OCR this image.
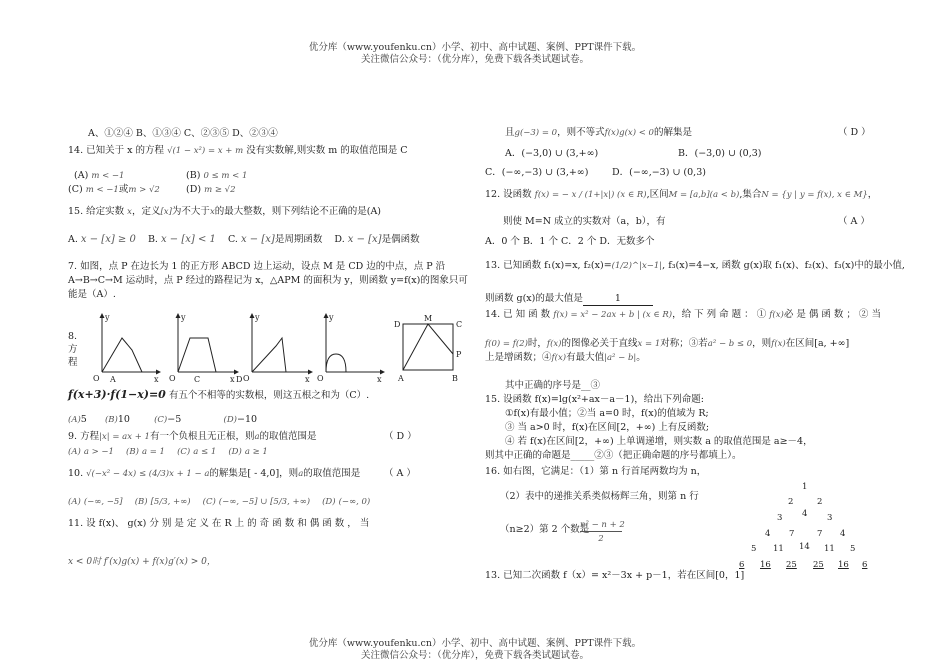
优分库（www.youfenku.cn）小学、初中、高中试题、案例、PPT课件下载。
关注微信公众号：（优分库），免费下载各类试题试卷。
优分库（www.youfenku.cn）小学、初中、高中试题、案例、PPT课件下载。
关注微信公众号：（优分库），免费下载各类试题试卷。
A、①②④ B、①③④ C、②③⑤ D、②③④
14. 已知关于 x 的方程 √(1 − x²) = x + m 没有实数解,则实数 m 的取值范围是 C
(A) m < −1	(B) 0 ≤ m < 1
(C) m < −1或m > √2	(D) m ≥ √2
15. 给定实数 x，定义[x]为不大于x的最大整数，则下列结论不正确的是(A)
A. x − [x] ≥ 0 B. x − [x] < 1 C. x − [x]是周期函数 D. x − [x]是偶函数
7. 如图，点 P 在边长为 1 的正方形 ABCD 边上运动，设点 M 是 CD 边的中点，点 P 沿
A→B→C→M 运动时，点 P 经过的路程记为 x，△APM 的面积为 y，则函数 y=f(x)的图象只可
能是（A）.
y
x
O A
y
x
O C
y
x
O
D
y
x
O
D
M
C
P
A	B
8.
方
程
f(x+3)·f(1−x)=0 有五个不相等的实数根，则这五根之和为（C）.
(A)5 (B)10	(C)−5	(D)−10
9. 方程|x| = ax + 1有一个负根且无正根，则a的取值范围是	（ D ）
(A) a > −1 (B) a = 1 (C) a ≤ 1 (D) a ≥ 1
10. √(−x² − 4x) ≤ (4/3)x + 1 − a的解集是[ - 4,0]，则a的取值范围是 （ A ）
(A) (−∞, −5] (B) [5/3, +∞) (C) (−∞, −5] ∪ [5/3, +∞) (D) (−∞, 0)
11. 设 f(x)、 g(x) 分 别 是 定 义 在 R 上 的 奇 函 数 和 偶 函 数 ， 当
x < 0时 f′(x)g(x) + f(x)g′(x) > 0，
且g(−3) = 0，则不等式f(x)g(x) < 0的解集是	（ D ）
A．(−3,0) ∪ (3,+∞)	B．(−3,0) ∪ (0,3)
C．(−∞,−3) ∪ (3,+∞) D．(−∞,−3) ∪ (0,3)
12. 设函数 f(x) = − x / (1+|x|) (x ∈ R),区间M = [a,b](a < b),集合N = {y | y = f(x), x ∈ M}，
则使 M=N 成立的实数对（a，b），有	（ A ）
A．0 个 B．1 个 C．2 个 D．无数多个
13. 已知函数 f₁(x)=x, f₂(x)=(1/2)^|x−1|, f₃(x)=4−x, 函数 g(x)取 f₁(x)、f₂(x)、f₃(x)中的最小值,
则函数 g(x)的最大值是	1
14. 已 知 函 数 f(x) = x² − 2ax + b | (x ∈ R)，给 下 列 命 题 ： ① f(x)必 是 偶 函 数 ； ② 当
f(0) = f(2)时，f(x)的图像必关于直线x = 1对称；③若a² − b ≤ 0，则f(x)在区间[a, +∞]
上是增函数；④f(x)有最大值|a² − b|。
其中正确的序号是__③
15. 设函数 f(x)=lg(x²+ax－a－1)，给出下列命题:
①f(x)有最小值；②当 a=0 时，f(x)的值域为 R;
③ 当 a>0 时，f(x)在区间[2，+∞) 上有反函数;
④ 若 f(x)在区间[2，+∞) 上单调递增，则实数 a 的取值范围是 a≥－4，
则其中正确的命题是_____②③（把正确命题的序号都填上）。
16. 如右图，它满足：（1）第 n 行首尾两数均为 n，
（2）表中的递推关系类似杨辉三角，则第 n 行
（n≥2）第 2 个数是
n² − n + 2
2
1
2	2
3 4 3
4 7	7 4
5 11 14 11 5
6 16 25 25 16 6
13. 已知二次函数 f（x）= x²－3x + p－1，若在区间[0，1]
